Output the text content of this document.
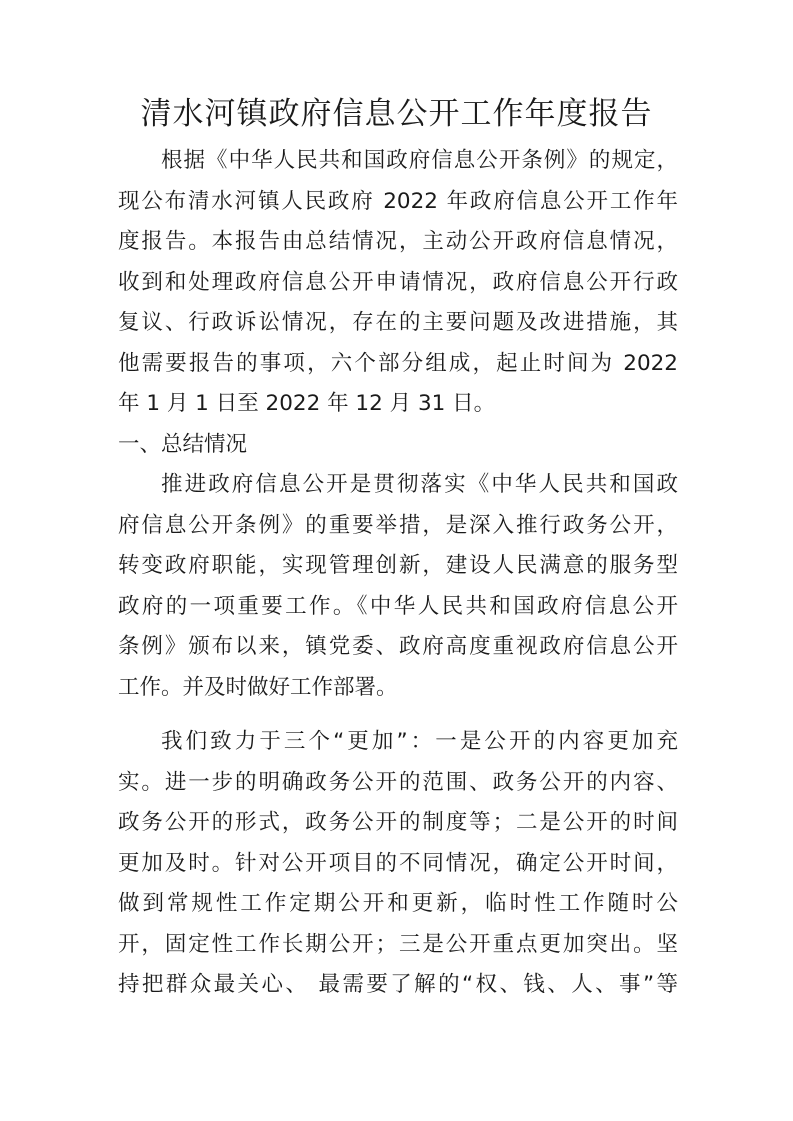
清水河镇政府信息公开工作年度报告
根据《中华人民共和国政府信息公开条例》的规定，
现公布清水河镇人民政府 2022 年政府信息公开工作年
度报告。本报告由总结情况，主动公开政府信息情况，
收到和处理政府信息公开申请情况，政府信息公开行政
复议、行政诉讼情况，存在的主要问题及改进措施，其
他需要报告的事项，六个部分组成，起止时间为 2022
年 1 月 1 日至 2022 年 12 月 31 日。
一、总结情况
推进政府信息公开是贯彻落实《中华人民共和国政
府信息公开条例》的重要举措，是深入推行政务公开，
转变政府职能，实现管理创新，建设人民满意的服务型
政府的一项重要工作。《中华人民共和国政府信息公开
条例》颁布以来，镇党委、政府高度重视政府信息公开
工作。并及时做好工作部署。
我们致力于三个“更加”：一是公开的内容更加充
实。进一步的明确政务公开的范围、政务公开的内容、
政务公开的形式，政务公开的制度等；二是公开的时间
更加及时。针对公开项目的不同情况，确定公开时间，
做到常规性工作定期公开和更新，临时性工作随时公
开，固定性工作长期公开；三是公开重点更加突出。坚
持把群众最关心、 最需要了解的“权、钱、人、事”等
